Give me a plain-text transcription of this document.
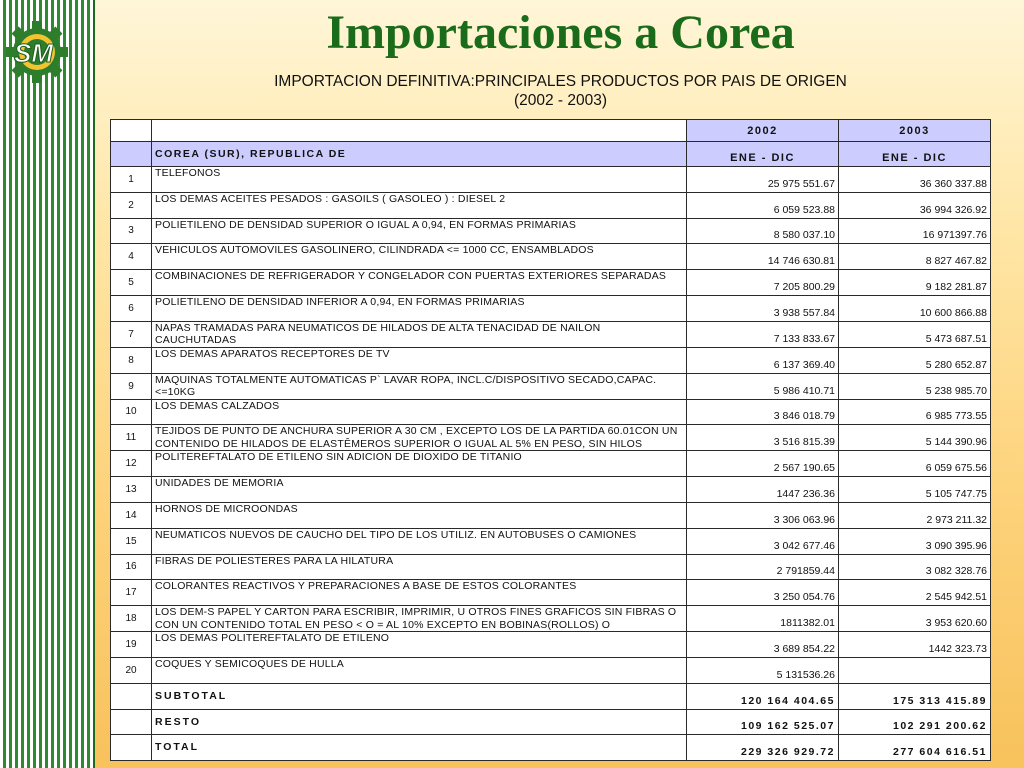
SM	Importaciones a Corea
IMPORTACION DEFINITIVA:PRINCIPALES PRODUCTOS POR PAIS DE ORIGEN
(2002 - 2003)
		2002	2003
	COREA (SUR), REPUBLICA DE	ENE - DIC	ENE - DIC
1	TELEFONOS	25 975 551.67	36 360 337.88
2	LOS DEMAS ACEITES PESADOS : GASOILS ( GASOLEO ) : DIESEL 2	6 059 523.88	36 994 326.92
3	POLIETILENO DE DENSIDAD SUPERIOR O IGUAL A 0,94, EN FORMAS PRIMARIAS	8 580 037.10	16 971397.76
4	VEHICULOS AUTOMOVILES GASOLINERO, CILINDRADA <= 1000 CC, ENSAMBLADOS	14 746 630.81	8 827 467.82
5	COMBINACIONES DE REFRIGERADOR Y CONGELADOR CON PUERTAS EXTERIORES SEPARADAS	7 205 800.29	9 182 281.87
6	POLIETILENO DE DENSIDAD INFERIOR A 0,94, EN FORMAS PRIMARIAS	3 938 557.84	10 600 866.88
7	NAPAS TRAMADAS PARA NEUMATICOS DE HILADOS DE ALTA TENACIDAD DE NAILON CAUCHUTADAS	7 133 833.67	5 473 687.51
8	LOS DEMAS APARATOS RECEPTORES DE TV	6 137 369.40	5 280 652.87
9	MAQUINAS TOTALMENTE AUTOMATICAS P` LAVAR ROPA, INCL.C/DISPOSITIVO SECADO,CAPAC.<=10KG	5 986 410.71	5 238 985.70
10	LOS DEMAS CALZADOS	3 846 018.79	6 985 773.55
11	TEJIDOS DE PUNTO DE ANCHURA SUPERIOR A 30 CM , EXCEPTO LOS DE LA PARTIDA 60.01CON UN CONTENIDO DE HILADOS DE ELASTÊMEROS SUPERIOR O IGUAL AL 5% EN PESO, SIN HILOS	3 516 815.39	5 144 390.96
12	POLITEREFTALATO DE ETILENO SIN ADICION DE DIOXIDO DE TITANIO	2 567 190.65	6 059 675.56
13	UNIDADES DE MEMORIA	1447 236.36	5 105 747.75
14	HORNOS DE MICROONDAS	3 306 063.96	2 973 211.32
15	NEUMATICOS NUEVOS DE CAUCHO DEL TIPO DE LOS UTILIZ. EN AUTOBUSES O CAMIONES	3 042 677.46	3 090 395.96
16	FIBRAS DE POLIESTERES PARA LA HILATURA	2 791859.44	3 082 328.76
17	COLORANTES REACTIVOS Y PREPARACIONES A BASE DE ESTOS COLORANTES	3 250 054.76	2 545 942.51
18	LOS DEM-S PAPEL Y CARTON PARA ESCRIBIR, IMPRIMIR, U OTROS FINES GRAFICOS SIN FIBRAS O CON UN CONTENIDO TOTAL EN PESO < O = AL 10% EXCEPTO EN BOBINAS(ROLLOS) O	1811382.01	3 953 620.60
19	LOS DEMAS POLITEREFTALATO DE ETILENO	3 689 854.22	1442 323.73
20	COQUES Y SEMICOQUES DE HULLA	5 131536.26	
	SUBTOTAL	120 164 404.65	175 313 415.89
	RESTO	109 162 525.07	102 291 200.62
	TOTAL	229 326 929.72	277 604 616.51
